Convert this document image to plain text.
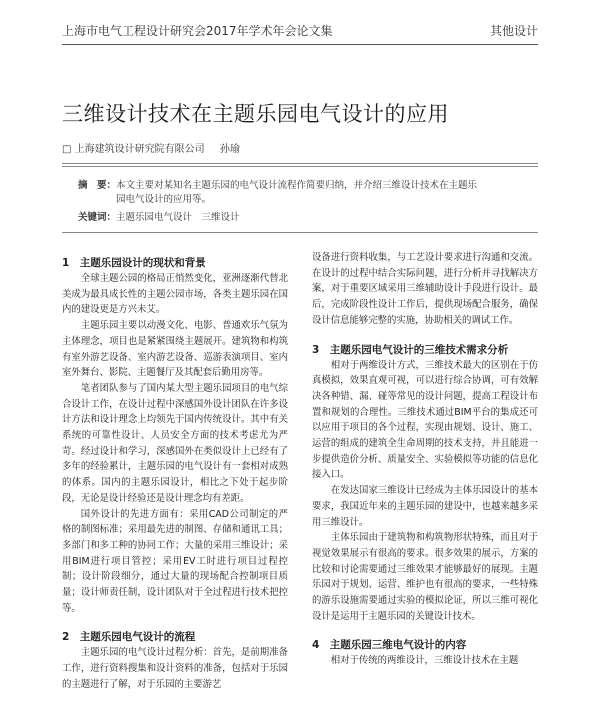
上海市电气工程设计研究会2017年学术年会论文集	其他设计
三维设计技术在主题乐园电气设计的应用
□ 上海建筑设计研究院有限公司 孙瑜
摘　要：本文主要对某知名主题乐园的电气设计流程作简要归纳，并介绍三维设计技术在主题乐
园电气设计的应用等。
关键词：主题乐园电气设计　三维设计
1　主题乐园设计的现状和背景

全球主题公园的格局正悄然变化，亚洲逐渐代替北美成为最具成长性的主题公园市场，各类主题乐园在国内的建设更是方兴未艾。

主题乐园主要以动漫文化、电影、普通欢乐气氛为主体理念，项目也是紧紧围绕主题展开。建筑物和构筑有室外游艺设备、室内游艺设备、巡游表演项目、室内室外舞台、影院、主题餐厅及其配套后勤用房等。

笔者团队参与了国内某大型主题乐园项目的电气综合设计工作，在设计过程中深感国外设计团队在许多设计方法和设计理念上均领先于国内传统设计。其中有关系统的可靠性设计、人员安全方面的技术考虑尤为严苛。经过设计和学习，深感国外在类似设计上已经有了多年的经验累计，主题乐园的电气设计有一套相对成熟的体系。国内的主题乐园设计，相比之下处于起步阶段，无论是设计经验还是设计理念均有差距。

国外设计的先进方面有：采用CAD公司制定的严格的制图标准；采用最先进的制图、存储和通讯工具；多部门和多工种的协同工作；大量的采用三维设计；采用BIM进行项目管控；采用EV工时进行项目过程控制；设计阶段细分，通过大量的现场配合控制项目质量；设计师责任制，设计团队对于全过程进行技术把控等。

2　主题乐园电气设计的流程

主题乐园的电气设计过程分析：首先，是前期准备工作，进行资料搜集和设计资料的准备，包括对于乐园的主题进行了解，对于乐园的主要游艺

设备进行资料收集，与工艺设计要求进行沟通和交流。在设计的过程中结合实际问题，进行分析并寻找解决方案，对于重要区域采用三维辅助设计手段进行设计。最后，完成阶段性设计工作后，提供现场配合服务，确保设计信息能够完整的实施，协助相关的调试工作。

3　主题乐园电气设计的三维技术需求分析

相对于两维设计方式，三维技术最大的区别在于仿真模拟，效果直观可视，可以进行综合协调，可有效解决各种错、漏、碰等常见的设计问题，提高工程设计布置和规划的合理性。三维技术通过BIM平台的集成还可以应用于项目的各个过程，实现由规划、设计、施工、运营的组成的建筑全生命周期的技术支持，并且能进一步提供造价分析、质量安全、实验模拟等功能的信息化接入口。

在发达国家三维设计已经成为主体乐园设计的基本要求，我国近年来的主题乐园的建设中，也越来越多采用三维设计。

主体乐园由于建筑物和构筑物形状特殊，而且对于视觉效果展示有很高的要求。很多效果的展示，方案的比较和讨论需要通过三维效果才能够最好的展现。主题乐园对于规划、运营、维护也有很高的要求，一些特殊的游乐设施需要通过实验的模拟论证，所以三维可视化设计是运用于主题乐园的关键设计技术。

4　主题乐园三维电气设计的内容

相对于传统的两维设计，三维设计技术在主题
